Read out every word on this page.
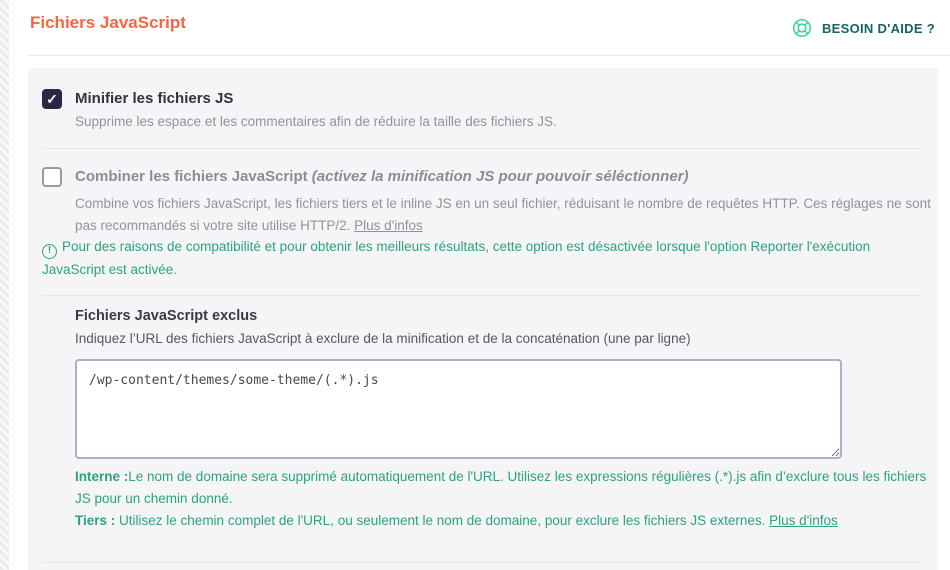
Fichiers JavaScript	BESOIN D'AIDE ?
✓ Minifier les fichiers JS
Supprime les espace et les commentaires afin de réduire la taille des fichiers JS.
Combiner les fichiers JavaScript (activez la minification JS pour pouvoir séléctionner)
Combine vos fichiers JavaScript, les fichiers tiers et le inline JS en un seul fichier, réduisant le nombre de requêtes HTTP. Ces réglages ne sont pas recommandés si votre site utilise HTTP/2. Plus d'infos
! Pour des raisons de compatibilité et pour obtenir les meilleurs résultats, cette option est désactivée lorsque l'option Reporter l'exécution JavaScript est activée.
Fichiers JavaScript exclus
Indiquez l’URL des fichiers JavaScript à exclure de la minification et de la concaténation (une par ligne)
/wp-content/themes/some-theme/(.*).js

Interne :Le nom de domaine sera supprimé automatiquement de l'URL. Utilisez les expressions régulières (.*).js afin d’exclure tous les fichiers JS pour un chemin donné.

Tiers : Utilisez le chemin complet de l'URL, ou seulement le nom de domaine, pour exclure les fichiers JS externes. Plus d'infos
